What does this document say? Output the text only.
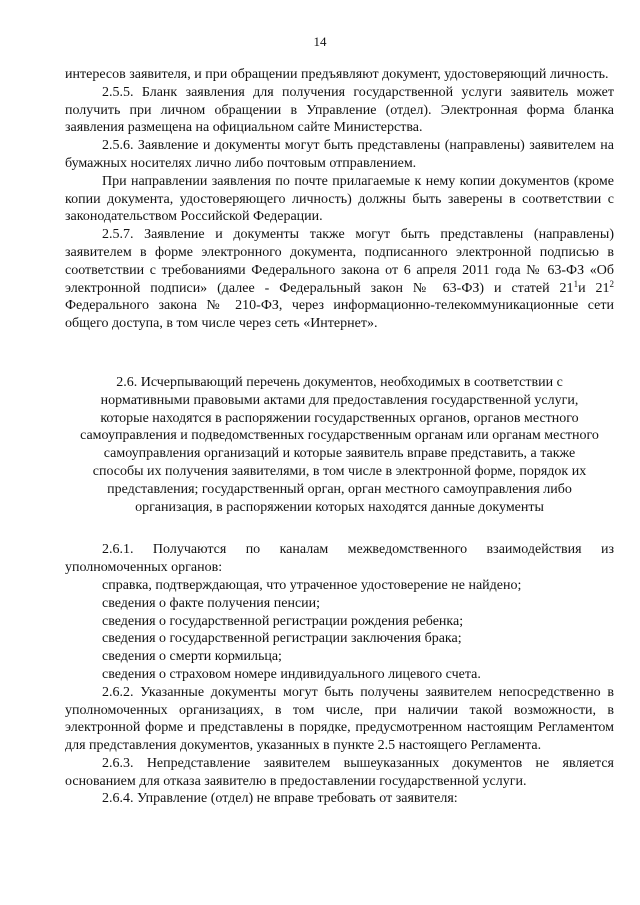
14

интересов заявителя, и при обращении предъявляют документ, удостоверяющий личность.

2.5.5. Бланк заявления для получения государственной услуги заявитель может получить при личном обращении в Управление (отдел). Электронная форма бланка заявления размещена на официальном сайте Министерства.

2.5.6. Заявление и документы могут быть представлены (направлены) заявителем на бумажных носителях лично либо почтовым отправлением.

При направлении заявления по почте прилагаемые к нему копии документов (кроме копии документа, удостоверяющего личность) должны быть заверены в соответствии с законодательством Российской Федерации.

2.5.7. Заявление и документы также могут быть представлены (направлены) заявителем в форме электронного документа, подписанного электронной подписью в соответствии с требованиями Федерального закона от 6 апреля 2011 года № 63-ФЗ «Об электронной подписи» (далее - Федеральный закон № 63-ФЗ) и статей $21^1и$ $21^2$ Федерального закона № 210-ФЗ, через информационно-телекоммуникационные сети общего доступа, в том числе через сеть «Интернет».

2.6. Исчерпывающий перечень документов, необходимых в соответствии с нормативными правовыми актами для предоставления государственной услуги, которые находятся в распоряжении государственных органов, органов местного самоуправления и подведомственных государственным органам или органам местного самоуправления организаций и которые заявитель вправе представить, а также способы их получения заявителями, в том числе в электронной форме, порядок их представления; государственный орган, орган местного самоуправления либо организация, в распоряжении которых находятся данные документы

2.6.1. Получаются по каналам межведомственного взаимодействия из уполномоченных органов:

справка, подтверждающая, что утраченное удостоверение не найдено;

сведения о факте получения пенсии;

сведения о государственной регистрации рождения ребенка;

сведения о государственной регистрации заключения брака;

сведения о смерти кормильца;

сведения о страховом номере индивидуального лицевого счета.

2.6.2. Указанные документы могут быть получены заявителем непосредственно в уполномоченных организациях, в том числе, при наличии такой возможности, в электронной форме и представлены в порядке, предусмотренном настоящим Регламентом для представления документов, указанных в пункте 2.5 настоящего Регламента.

2.6.3. Непредставление заявителем вышеуказанных документов не является основанием для отказа заявителю в предоставлении государственной услуги.

2.6.4. Управление (отдел) не вправе требовать от заявителя:
